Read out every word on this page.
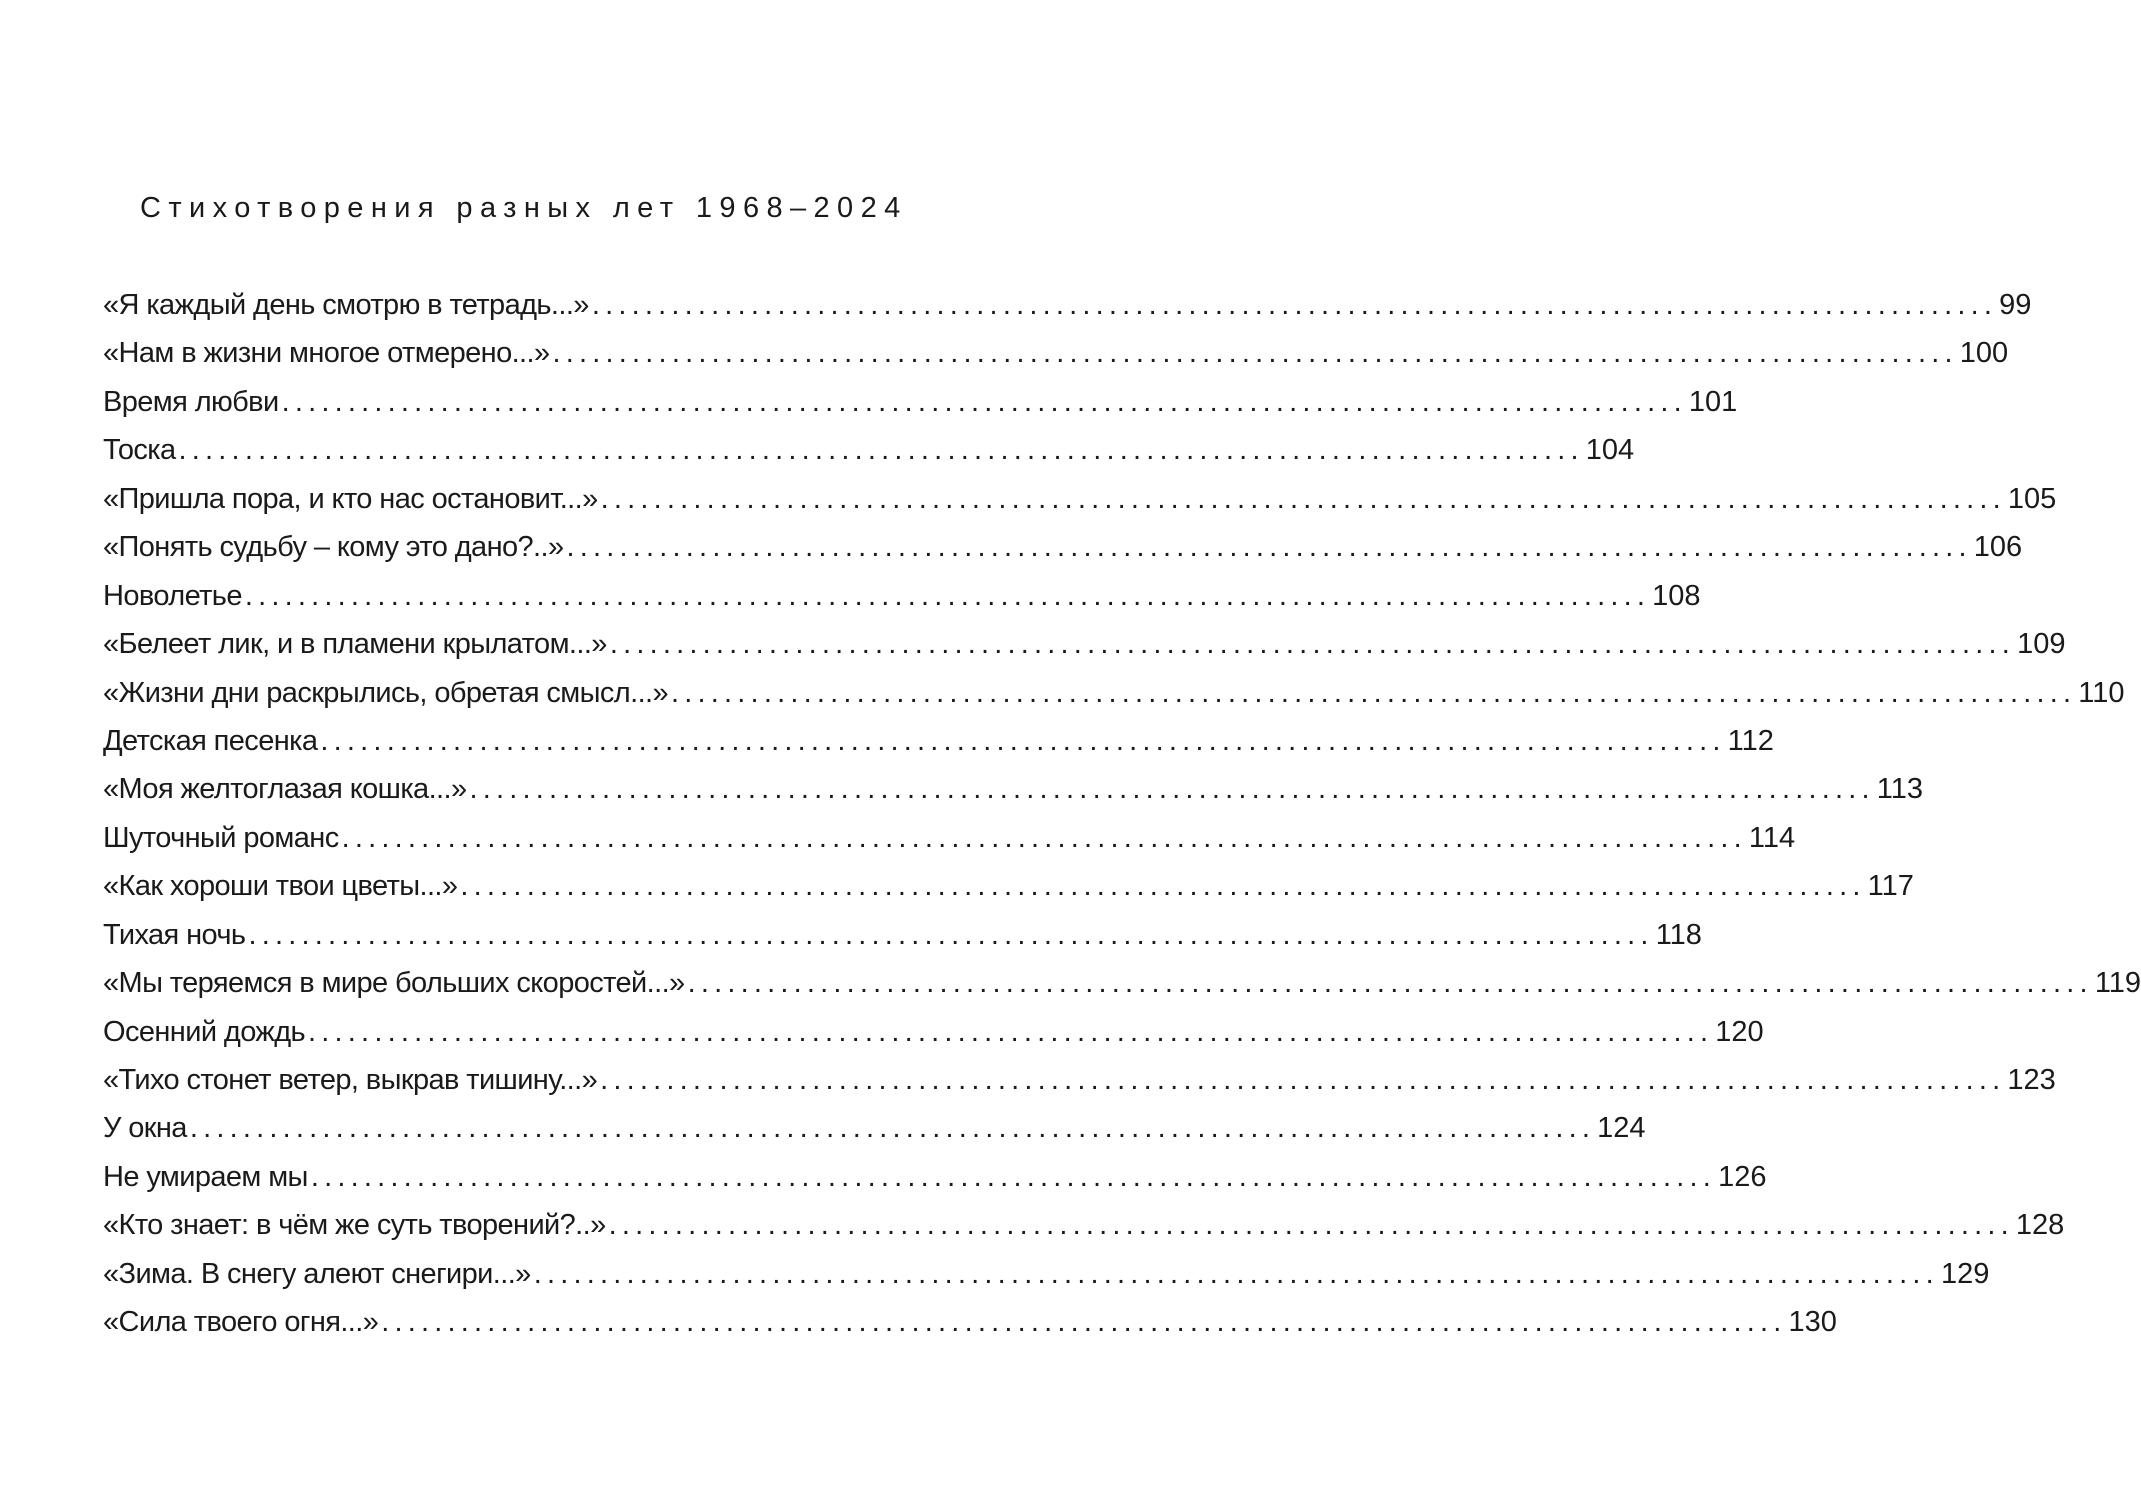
Стихотворения разных лет 1968–2024
«Я каждый день смотрю в тетрадь...» .......................................................................................................... 99
«Нам в жизни многое отмерено...» .......................................................................................................... 100
Время любви .......................................................................................................... 101
Тоска .......................................................................................................... 104
«Пришла пора, и кто нас остановит...» .......................................................................................................... 105
«Понять судьбу – кому это дано?..» .......................................................................................................... 106
Новолетье .......................................................................................................... 108
«Белеет лик, и в пламени крылатом...» .......................................................................................................... 109
«Жизни дни раскрылись, обретая смысл...» .......................................................................................................... 110
Детская песенка .......................................................................................................... 112
«Моя желтоглазая кошка...» .......................................................................................................... 113
Шуточный романс .......................................................................................................... 114
«Как хороши твои цветы...» .......................................................................................................... 117
Тихая ночь .......................................................................................................... 118
«Мы теряемся в мире больших скоростей...» .......................................................................................................... 119
Осенний дождь .......................................................................................................... 120
«Тихо стонет ветер, выкрав тишину...» .......................................................................................................... 123
У окна .......................................................................................................... 124
Не умираем мы .......................................................................................................... 126
«Кто знает: в чём же суть творений?..» .......................................................................................................... 128
«Зима. В снегу алеют снегири...» .......................................................................................................... 129
«Сила твоего огня...» .......................................................................................................... 130
